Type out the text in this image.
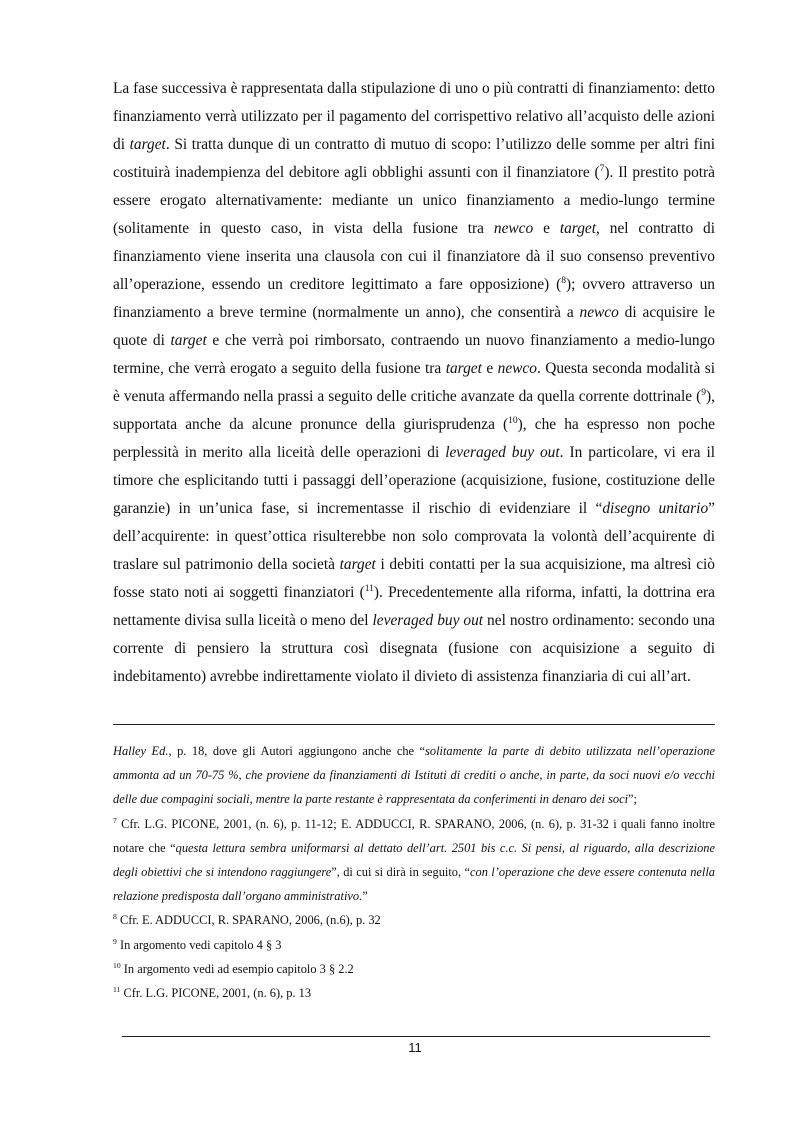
La fase successiva è rappresentata dalla stipulazione di uno o più contratti di finanziamento: detto finanziamento verrà utilizzato per il pagamento del corrispettivo relativo all’acquisto delle azioni di target. Si tratta dunque di un contratto di mutuo di scopo: l’utilizzo delle somme per altri fini costituirà inadempienza del debitore agli obblighi assunti con il finanziatore ($^7$). Il prestito potrà essere erogato alternativamente: mediante un unico finanziamento a medio-lungo termine (solitamente in questo caso, in vista della fusione tra newco e target, nel contratto di finanziamento viene inserita una clausola con cui il finanziatore dà il suo consenso preventivo all’operazione, essendo un creditore legittimato a fare opposizione) ($^8$); ovvero attraverso un finanziamento a breve termine (normalmente un anno), che consentirà a newco di acquisire le quote di target e che verrà poi rimborsato, contraendo un nuovo finanziamento a medio-lungo termine, che verrà erogato a seguito della fusione tra target e newco. Questa seconda modalità si è venuta affermando nella prassi a seguito delle critiche avanzate da quella corrente dottrinale ($^9$), supportata anche da alcune pronunce della giurisprudenza ($^{10}$), che ha espresso non poche perplessità in merito alla liceità delle operazioni di leveraged buy out. In particolare, vi era il timore che esplicitando tutti i passaggi dell’operazione (acquisizione, fusione, costituzione delle garanzie) in un’unica fase, si incrementasse il rischio di evidenziare il “disegno unitario” dell’acquirente: in quest’ottica risulterebbe non solo comprovata la volontà dell’acquirente di traslare sul patrimonio della società target i debiti contatti per la sua acquisizione, ma altresì ciò fosse stato noti ai soggetti finanziatori ($^{11}$). Precedentemente alla riforma, infatti, la dottrina era nettamente divisa sulla liceità o meno del leveraged buy out nel nostro ordinamento: secondo una corrente di pensiero la struttura così disegnata (fusione con acquisizione a seguito di indebitamento) avrebbe indirettamente violato il divieto di assistenza finanziaria di cui all’art.

Halley Ed., p. 18, dove gli Autori aggiungono anche che “solitamente la parte di debito utilizzata nell’operazione ammonta ad un 70-75 %, che proviene da finanziamenti di Istituti di crediti o anche, in parte, da soci nuovi e/o vecchi delle due compagini sociali, mentre la parte restante è rappresentata da conferimenti in denaro dei soci”;

$^7$ Cfr. L.G. PICONE, 2001, (n. 6), p. 11-12; E. ADDUCCI, R. SPARANO, 2006, (n. 6), p. 31-32 i quali fanno inoltre notare che “questa lettura sembra uniformarsi al dettato dell’art. 2501 bis c.c. Si pensi, al riguardo, alla descrizione degli obiettivi che si intendono raggiungere”, di cui si dirà in seguito, “con l’operazione che deve essere contenuta nella relazione predisposta dall’organo amministrativo.”

$^8$ Cfr. E. ADDUCCI, R. SPARANO, 2006, (n.6), p. 32

$^9$ In argomento vedi capitolo 4 § 3

$^{10}$ In argomento vedi ad esempio capitolo 3 § 2.2

$^{11}$ Cfr. L.G. PICONE, 2001, (n. 6), p. 13

11
